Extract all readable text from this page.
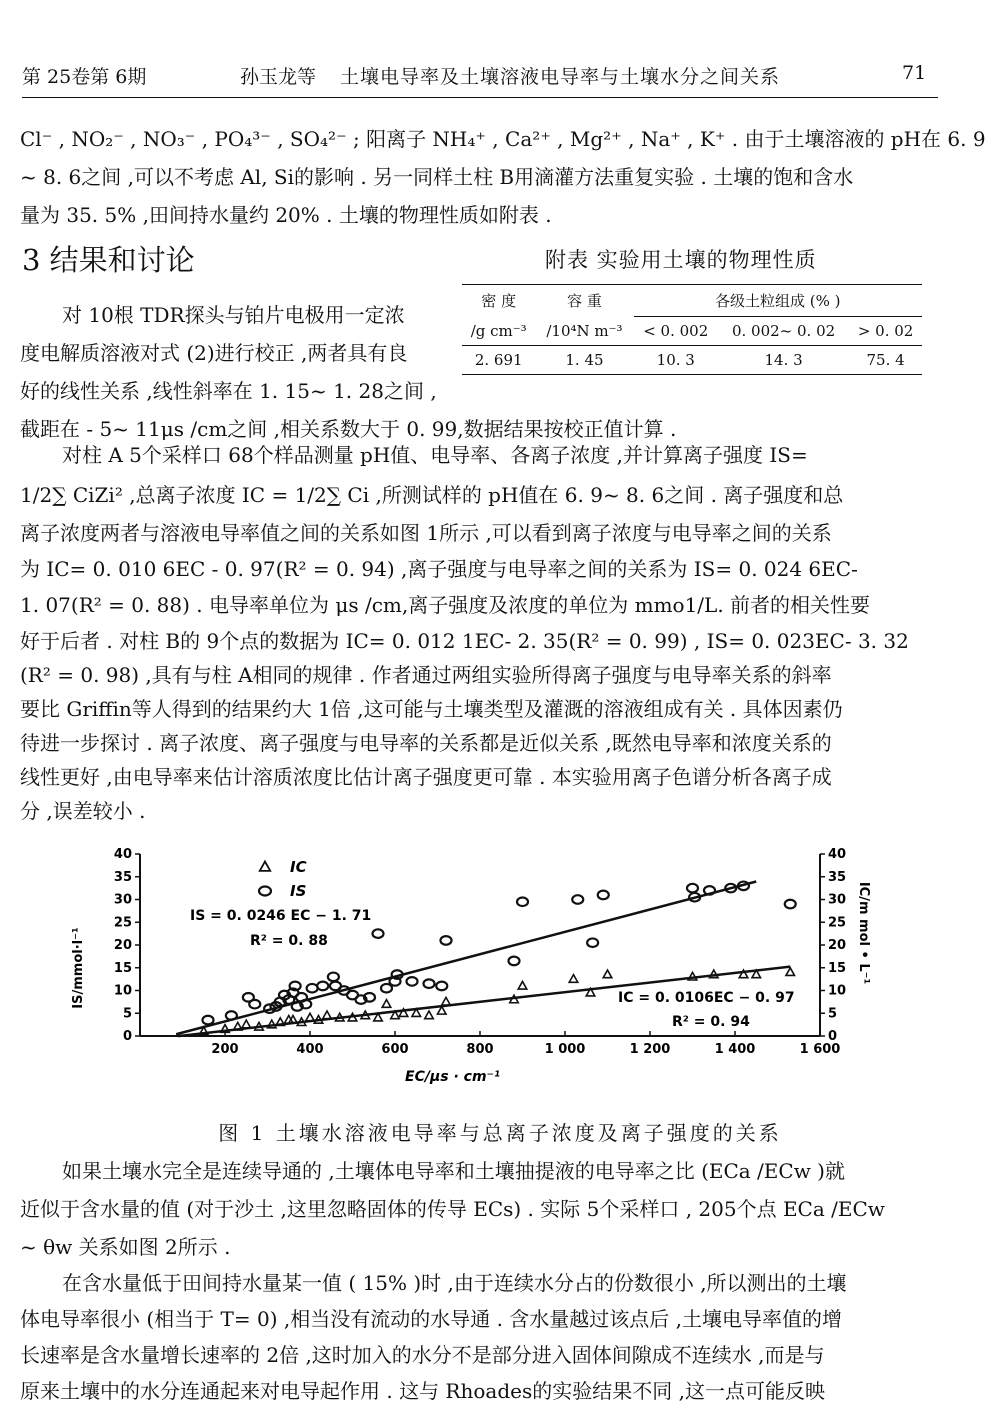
第 25卷第 6期	孙玉龙等 土壤电导率及土壤溶液电导率与土壤水分之间关系	71
Cl⁻ , NO₂⁻ , NO₃⁻ , PO₄³⁻ , SO₄²⁻ ; 阳离子 NH₄⁺ , Ca²⁺ , Mg²⁺ , Na⁺ , K⁺ . 由于土壤溶液的 pH在 6. 9
~ 8. 6之间 ,可以不考虑 Al, Si的影响 . 另一同样土柱 B用滴灌方法重复实验 . 土壤的饱和含水
量为 35. 5% ,田间持水量约 20% . 土壤的物理性质如附表 .
3 结果和讨论	附表 实验用土壤的物理性质
密 度	容 重	各级土粒组成 (% )		
/g cm⁻³	/10⁴N m⁻³	< 0. 002	0. 002~ 0. 02	> 0. 02
2. 691	1. 45	10. 3	14. 3	75. 4
对 10根 TDR探头与铂片电极用一定浓
度电解质溶液对式 (2)进行校正 ,两者具有良
好的线性关系 ,线性斜率在 1. 15~ 1. 28之间 ,
截距在 - 5~ 11μs /cm之间 ,相关系数大于 0. 99,数据结果按校正值计算 .
对柱 A 5个采样口 68个样品测量 pH值、电导率、各离子浓度 ,并计算离子强度 IS=
1/2∑ CiZi² ,总离子浓度 IC = 1/2∑ Ci ,所测试样的 pH值在 6. 9~ 8. 6之间 . 离子强度和总
离子浓度两者与溶液电导率值之间的关系如图 1所示 ,可以看到离子浓度与电导率之间的关系
为 IC= 0. 010 6EC - 0. 97(R² = 0. 94) ,离子强度与电导率之间的关系为 IS= 0. 024 6EC-
1. 07(R² = 0. 88) . 电导率单位为 μs /cm,离子强度及浓度的单位为 mmo1/L. 前者的相关性要
好于后者 . 对柱 B的 9个点的数据为 IC= 0. 012 1EC- 2. 35(R² = 0. 99) , IS= 0. 023EC- 3. 32
(R² = 0. 98) ,具有与柱 A相同的规律 . 作者通过两组实验所得离子强度与电导率关系的斜率
要比 Griffin等人得到的结果约大 1倍 ,这可能与土壤类型及灌溉的溶液组成有关 . 具体因素仍
待进一步探讨 . 离子浓度、离子强度与电导率的关系都是近似关系 ,既然电导率和浓度关系的
线性更好 ,由电导率来估计溶质浓度比估计离子强度更可靠 . 本实验用离子色谱分析各离子成
分 ,误差较小 .
200	400	600	800	1 000	1 200	1 400	1 600
0	0
5	5
10	10
15	15
20	20
25	25
30	30
35	35
40	40
IC
IS
IS = 0. 0246 EC − 1. 71
R² = 0. 88
IC = 0. 0106EC − 0. 97
R² = 0. 94
EC/μs · cm⁻¹
IS/mmol·l⁻¹	IC/m mol • L⁻¹
图 1 土壤水溶液电导率与总离子浓度及离子强度的关系
如果土壤水完全是连续导通的 ,土壤体电导率和土壤抽提液的电导率之比 (ECa /ECw )就
近似于含水量的值 (对于沙土 ,这里忽略固体的传导 ECs) . 实际 5个采样口 , 205个点 ECa /ECw
~ θw 关系如图 2所示 .
在含水量低于田间持水量某一值 ( 15% )时 ,由于连续水分占的份数很小 ,所以测出的土壤
体电导率很小 (相当于 T= 0) ,相当没有流动的水导通 . 含水量越过该点后 ,土壤电导率值的增
长速率是含水量增长速率的 2倍 ,这时加入的水分不是部分进入固体间隙成不连续水 ,而是与
原来土壤中的水分连通起来对电导起作用 . 这与 Rhoades的实验结果不同 ,这一点可能反映
